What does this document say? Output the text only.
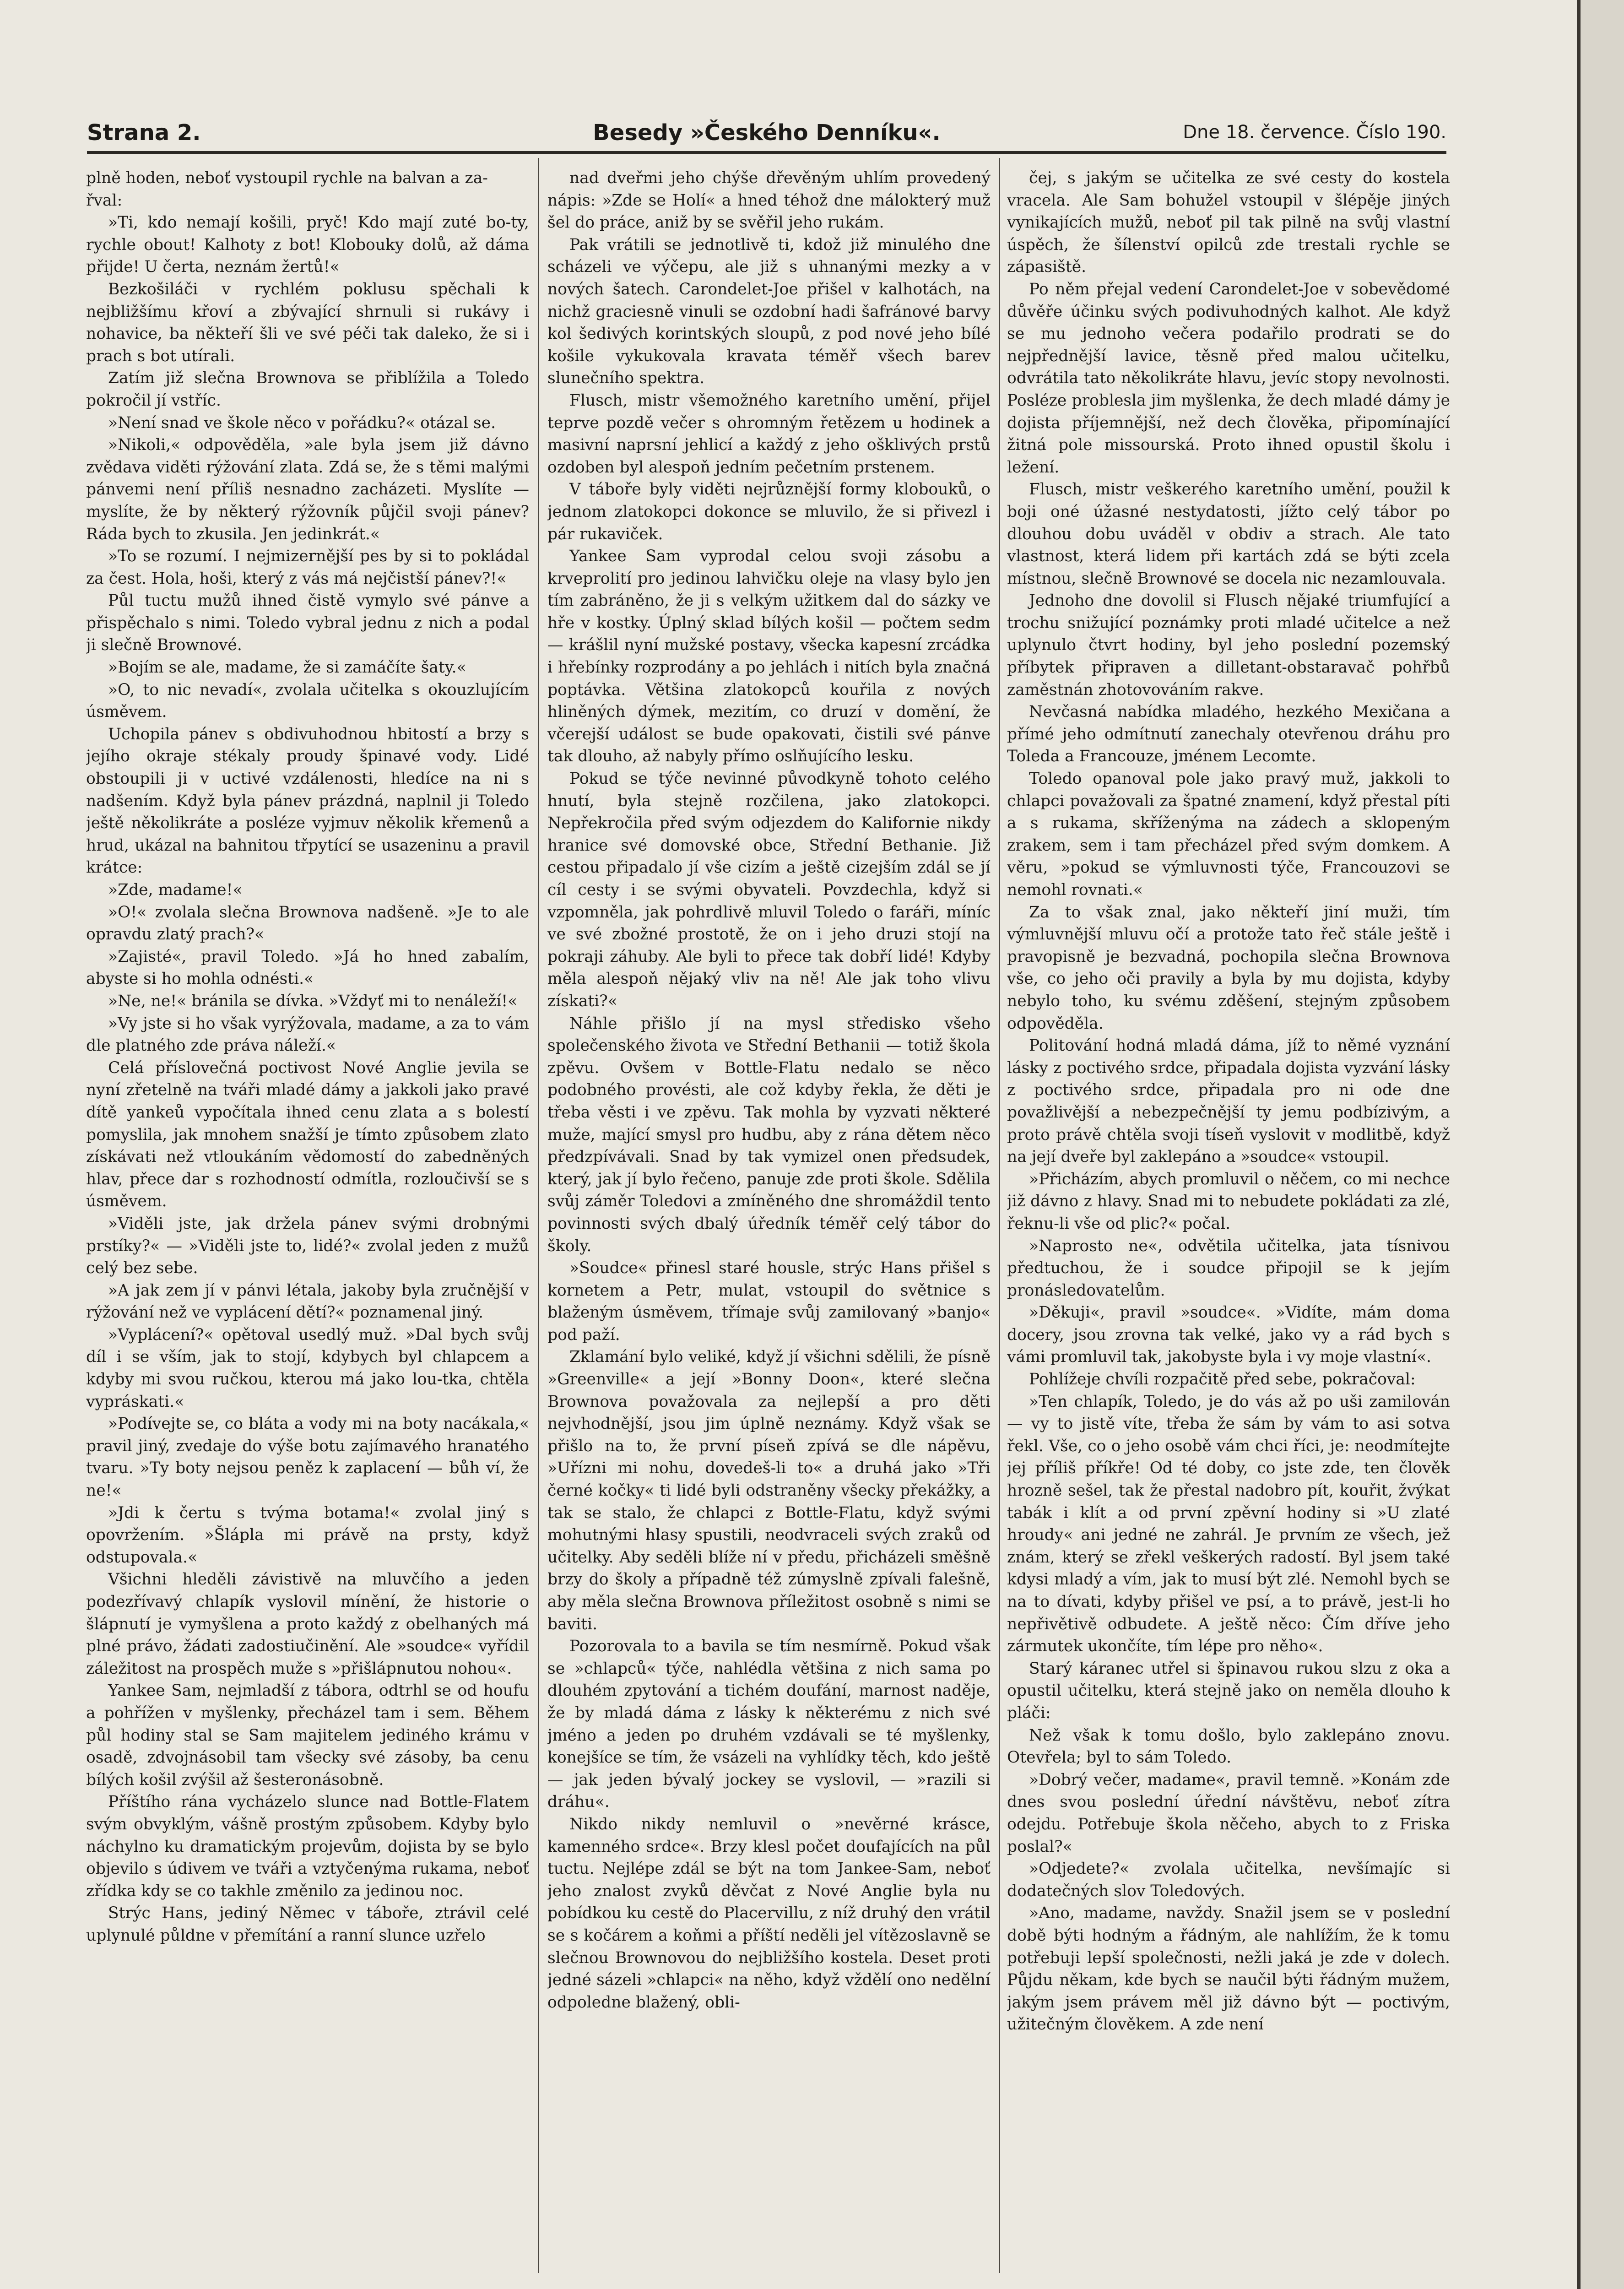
Strana 2.	Besedy »Českého Denníku«.	Dne 18. července. Číslo 190.

plně hoden, neboť vystoupil rychle na balvan a za-

řval:

»Ti, kdo nemají košili, pryč! Kdo mají zuté bo-ty, rychle obout! Kalhoty z bot! Klobouky dolů, až dáma přijde! U čerta, neznám žertů!«

Bezkošiláči v rychlém poklusu spěchali k nejbližšímu křoví a zbývající shrnuli si rukávy i nohavice, ba někteří šli ve své péči tak daleko, že si i prach s bot utírali.

Zatím již slečna Brownova se přiblížila a Toledo pokročil jí vstříc.

»Není snad ve škole něco v pořádku?« otázal se.

»Nikoli,« odpověděla, »ale byla jsem již dávno zvědava viděti rýžování zlata. Zdá se, že s těmi malými pánvemi není příliš nesnadno zacházeti. Myslíte — myslíte, že by některý rýžovník půjčil svoji pánev? Ráda bych to zkusila. Jen jedinkrát.«

»To se rozumí. I nejmizernější pes by si to pokládal za čest. Hola, hoši, který z vás má nejčistší pánev?!«

Půl tuctu mužů ihned čistě vymylo své pánve a přispěchalo s nimi. Toledo vybral jednu z nich a podal ji slečně Brownové.

»Bojím se ale, madame, že si zamáčíte šaty.«

»O, to nic nevadí«, zvolala učitelka s okouzlujícím úsměvem.

Uchopila pánev s obdivuhodnou hbitostí a brzy s jejího okraje stékaly proudy špinavé vody. Lidé obstoupili ji v uctivé vzdálenosti, hledíce na ni s nadšením. Když byla pánev prázdná, naplnil ji Toledo ještě několikráte a posléze vyjmuv několik křemenů a hrud, ukázal na bahnitou třpytící se usazeninu a pravil krátce:

»Zde, madame!«

»O!« zvolala slečna Brownova nadšeně. »Je to ale opravdu zlatý prach?«

»Zajisté«, pravil Toledo. »Já ho hned zabalím, abyste si ho mohla odnésti.«

»Ne, ne!« bránila se dívka. »Vždyť mi to nenáleží!«

»Vy jste si ho však vyrýžovala, madame, a za to vám dle platného zde práva náleží.«

Celá příslovečná poctivost Nové Anglie jevila se nyní zřetelně na tváři mladé dámy a jakkoli jako pravé dítě yankeů vypočítala ihned cenu zlata a s bolestí pomyslila, jak mnohem snažší je tímto způsobem zlato získávati než vtloukáním vědomostí do zabedněných hlav, přece dar s rozhodností odmítla, rozloučivší se s úsměvem.

»Viděli jste, jak držela pánev svými drobnými prstíky?« — »Viděli jste to, lidé?« zvolal jeden z mužů celý bez sebe.

»A jak zem jí v pánvi létala, jakoby byla zručnější v rýžování než ve vyplácení dětí?« poznamenal jiný.

»Vyplácení?« opětoval usedlý muž. »Dal bych svůj díl i se vším, jak to stojí, kdybych byl chlapcem a kdyby mi svou ručkou, kterou má jako lou-tka, chtěla vypráskati.«

»Podívejte se, co bláta a vody mi na boty nacákala,« pravil jiný, zvedaje do výše botu zajímavého hranatého tvaru. »Ty boty nejsou peněz k zaplacení — bůh ví, že ne!«

»Jdi k čertu s tvýma botama!« zvolal jiný s opovržením. »Šlápla mi právě na prsty, když odstupovala.«

Všichni hleděli závistivě na mluvčího a jeden podezřívavý chlapík vyslovil mínění, že historie o šlápnutí je vymyšlena a proto každý z obelhaných má plné právo, žádati zadostiučinění. Ale »soudce« vyřídil záležitost na prospěch muže s »přišlápnutou nohou«.

Yankee Sam, nejmladší z tábora, odtrhl se od houfu a pohřížen v myšlenky, přecházel tam i sem. Během půl hodiny stal se Sam majitelem jediného krámu v osadě, zdvojnásobil tam všecky své zásoby, ba cenu bílých košil zvýšil až šesteronásobně.

Příštího rána vycházelo slunce nad Bottle-Flatem svým obvyklým, vášně prostým způsobem. Kdyby bylo náchylno ku dramatickým projevům, dojista by se bylo objevilo s údivem ve tváři a vztyčenýma rukama, neboť zřídka kdy se co takhle změnilo za jedinou noc.

Strýc Hans, jediný Němec v táboře, ztrávil celé uplynulé půldne v přemítání a ranní slunce uzřelo

nad dveřmi jeho chýše dřevěným uhlím provedený nápis: »Zde se Holí« a hned téhož dne málokterý muž šel do práce, aniž by se svěřil jeho rukám.

Pak vrátili se jednotlivě ti, kdož již minulého dne scházeli ve výčepu, ale již s uhnanými mezky a v nových šatech. Carondelet-Joe přišel v kalhotách, na nichž graciesně vinuli se ozdobní hadi šafránové barvy kol šedivých korintských sloupů, z pod nové jeho bílé košile vykukovala kravata téměř všech barev slunečního spektra.

Flusch, mistr všemožného karetního umění, přijel teprve pozdě večer s ohromným řetězem u hodinek a masivní naprsní jehlicí a každý z jeho ošklivých prstů ozdoben byl alespoň jedním pečetním prstenem.

V táboře byly viděti nejrůznější formy klobouků, o jednom zlatokopci dokonce se mluvilo, že si přivezl i pár rukaviček.

Yankee Sam vyprodal celou svoji zásobu a krveprolití pro jedinou lahvičku oleje na vlasy bylo jen tím zabráněno, že ji s velkým užitkem dal do sázky ve hře v kostky. Úplný sklad bílých košil — počtem sedm — krášlil nyní mužské postavy, všecka kapesní zrcádka i hřebínky rozprodány a po jehlách i nitích byla značná poptávka. Většina zlatokopců kouřila z nových hliněných dýmek, mezitím, co druzí v domění, že včerejší událost se bude opakovati, čistili své pánve tak dlouho, až nabyly přímo oslňujícího lesku.

Pokud se týče nevinné původkyně tohoto celého hnutí, byla stejně rozčilena, jako zlatokopci. Nepřekročila před svým odjezdem do Kalifornie nikdy hranice své domovské obce, Střední Bethanie. Již cestou připadalo jí vše cizím a ještě cizejším zdál se jí cíl cesty i se svými obyvateli. Povzdechla, když si vzpomněla, jak pohrdlivě mluvil Toledo o faráři, míníc ve své zbožné prostotě, že on i jeho druzi stojí na pokraji záhuby. Ale byli to přece tak dobří lidé! Kdyby měla alespoň nějaký vliv na ně! Ale jak toho vlivu získati?«

Náhle přišlo jí na mysl středisko všeho společenského života ve Střední Bethanii — totiž škola zpěvu. Ovšem v Bottle-Flatu nedalo se něco podobného provésti, ale což kdyby řekla, že děti je třeba věsti i ve zpěvu. Tak mohla by vyzvati některé muže, mající smysl pro hudbu, aby z rána dětem něco předzpívávali. Snad by tak vymizel onen předsudek, který, jak jí bylo řečeno, panuje zde proti škole. Sdělila svůj záměr Toledovi a zmíněného dne shromáždil tento povinnosti svých dbalý úředník téměř celý tábor do školy.

»Soudce« přinesl staré housle, strýc Hans přišel s kornetem a Petr, mulat, vstoupil do světnice s blaženým úsměvem, třímaje svůj zamilovaný »banjo« pod paží.

Zklamání bylo veliké, když jí všichni sdělili, že písně »Greenville« a její »Bonny Doon«, které slečna Brownova považovala za nejlepší a pro děti nejvhodnější, jsou jim úplně neznámy. Když však se přišlo na to, že první píseň zpívá se dle nápěvu, »Uřízni mi nohu, dovedeš-li to« a druhá jako »Tři černé kočky« ti lidé byli odstraněny všecky překážky, a tak se stalo, že chlapci z Bottle-Flatu, když svými mohutnými hlasy spustili, neodvraceli svých zraků od učitelky. Aby seděli blíže ní v předu, přicházeli směšně brzy do školy a případně též zúmyslně zpívali falešně, aby měla slečna Brownova příležitost osobně s nimi se baviti.

Pozorovala to a bavila se tím nesmírně. Pokud však se »chlapců« týče, nahlédla většina z nich sama po dlouhém zpytování a tichém doufání, marnost naděje, že by mladá dáma z lásky k některému z nich své jméno a jeden po druhém vzdávali se té myšlenky, konejšíce se tím, že vsázeli na vyhlídky těch, kdo ještě — jak jeden bývalý jockey se vyslovil, — »razili si dráhu«.

Nikdo nikdy nemluvil o »nevěrné krásce, kamenného srdce«. Brzy klesl počet doufajících na půl tuctu. Nejlépe zdál se být na tom Jankee-Sam, neboť jeho znalost zvyků děvčat z Nové Anglie byla nu pobídkou ku cestě do Placervillu, z níž druhý den vrátil se s kočárem a koňmi a příští neděli jel vítězoslavně se slečnou Brownovou do nejbližšího kostela. Deset proti jedné sázeli »chlapci« na něho, když vždělí ono nedělní odpoledne blažený, obli-

čej, s jakým se učitelka ze své cesty do kostela vracela. Ale Sam bohužel vstoupil v šlépěje jiných vynikajících mužů, neboť pil tak pilně na svůj vlastní úspěch, že šílenství opilců zde trestali rychle se zápasiště.

Po něm přejal vedení Carondelet-Joe v sobevědomé důvěře účinku svých podivuhodných kalhot. Ale když se mu jednoho večera podařilo prodrati se do nejpřednější lavice, těsně před malou učitelku, odvrátila tato několikráte hlavu, jevíc stopy nevolnosti. Posléze problesla jim myšlenka, že dech mladé dámy je dojista příjemnější, než dech člověka, připomínající žitná pole missourská. Proto ihned opustil školu i ležení.

Flusch, mistr veškerého karetního umění, použil k boji oné úžasné nestydatosti, jížto celý tábor po dlouhou dobu uváděl v obdiv a strach. Ale tato vlastnost, která lidem při kartách zdá se býti zcela místnou, slečně Brownové se docela nic nezamlouvala.

Jednoho dne dovolil si Flusch nějaké triumfující a trochu snižující poznámky proti mladé učitelce a než uplynulo čtvrt hodiny, byl jeho poslední pozemský příbytek připraven a dilletant-obstaravač pohřbů zaměstnán zhotovováním rakve.

Nevčasná nabídka mladého, hezkého Mexičana a přímé jeho odmítnutí zanechaly otevřenou dráhu pro Toleda a Francouze, jménem Lecomte.

Toledo opanoval pole jako pravý muž, jakkoli to chlapci považovali za špatné znamení, když přestal píti a s rukama, skříženýma na zádech a sklopeným zrakem, sem i tam přecházel před svým domkem. A věru, »pokud se výmluvnosti týče, Francouzovi se nemohl rovnati.«

Za to však znal, jako někteří jiní muži, tím výmluvnější mluvu očí a protože tato řeč stále ještě i pravopisně je bezvadná, pochopila slečna Brownova vše, co jeho oči pravily a byla by mu dojista, kdyby nebylo toho, ku svému zděšení, stejným způsobem odpověděla.

Politování hodná mladá dáma, jíž to němé vyznání lásky z poctivého srdce, připadala dojista vyzvání lásky z poctivého srdce, připadala pro ni ode dne považlivější a nebezpečnější ty jemu podbízivým, a proto právě chtěla svoji tíseň vyslovit v modlitbě, když na její dveře byl zaklepáno a »soudce« vstoupil.

»Přicházím, abych promluvil o něčem, co mi nechce již dávno z hlavy. Snad mi to nebudete pokládati za zlé, řeknu-li vše od plic?« počal.

»Naprosto ne«, odvětila učitelka, jata tísnivou předtuchou, že i soudce připojil se k jejím pronásledovatelům.

»Děkuji«, pravil »soudce«. »Vidíte, mám doma docery, jsou zrovna tak velké, jako vy a rád bych s vámi promluvil tak, jakobyste byla i vy moje vlastní«.

Pohlížeje chvíli rozpačitě před sebe, pokračoval:

»Ten chlapík, Toledo, je do vás až po uši zamilován — vy to jistě víte, třeba že sám by vám to asi sotva řekl. Vše, co o jeho osobě vám chci říci, je: neodmítejte jej příliš příkře! Od té doby, co jste zde, ten člověk hrozně sešel, tak že přestal nadobro pít, kouřit, žvýkat tabák i klít a od první zpěvní hodiny si »U zlaté hroudy« ani jedné ne zahrál. Je prvním ze všech, jež znám, který se zřekl veškerých radostí. Byl jsem také kdysi mladý a vím, jak to musí být zlé. Nemohl bych se na to dívati, kdyby přišel ve psí, a to právě, jest-li ho nepřivětivě odbudete. A ještě něco: Čím dříve jeho zármutek ukončíte, tím lépe pro něho«.

Starý káranec utřel si špinavou rukou slzu z oka a opustil učitelku, která stejně jako on neměla dlouho k pláči:

Než však k tomu došlo, bylo zaklepáno znovu. Otevřela; byl to sám Toledo.

»Dobrý večer, madame«, pravil temně. »Konám zde dnes svou poslední úřední návštěvu, neboť zítra odejdu. Potřebuje škola něčeho, abych to z Friska poslal?«

»Odjedete?« zvolala učitelka, nevšímajíc si dodatečných slov Toledových.

»Ano, madame, navždy. Snažil jsem se v poslední době býti hodným a řádným, ale nahlížím, že k tomu potřebuji lepší společnosti, nežli jaká je zde v dolech. Půjdu někam, kde bych se naučil býti řádným mužem, jakým jsem právem měl již dávno být — poctivým, užitečným člověkem. A zde není
